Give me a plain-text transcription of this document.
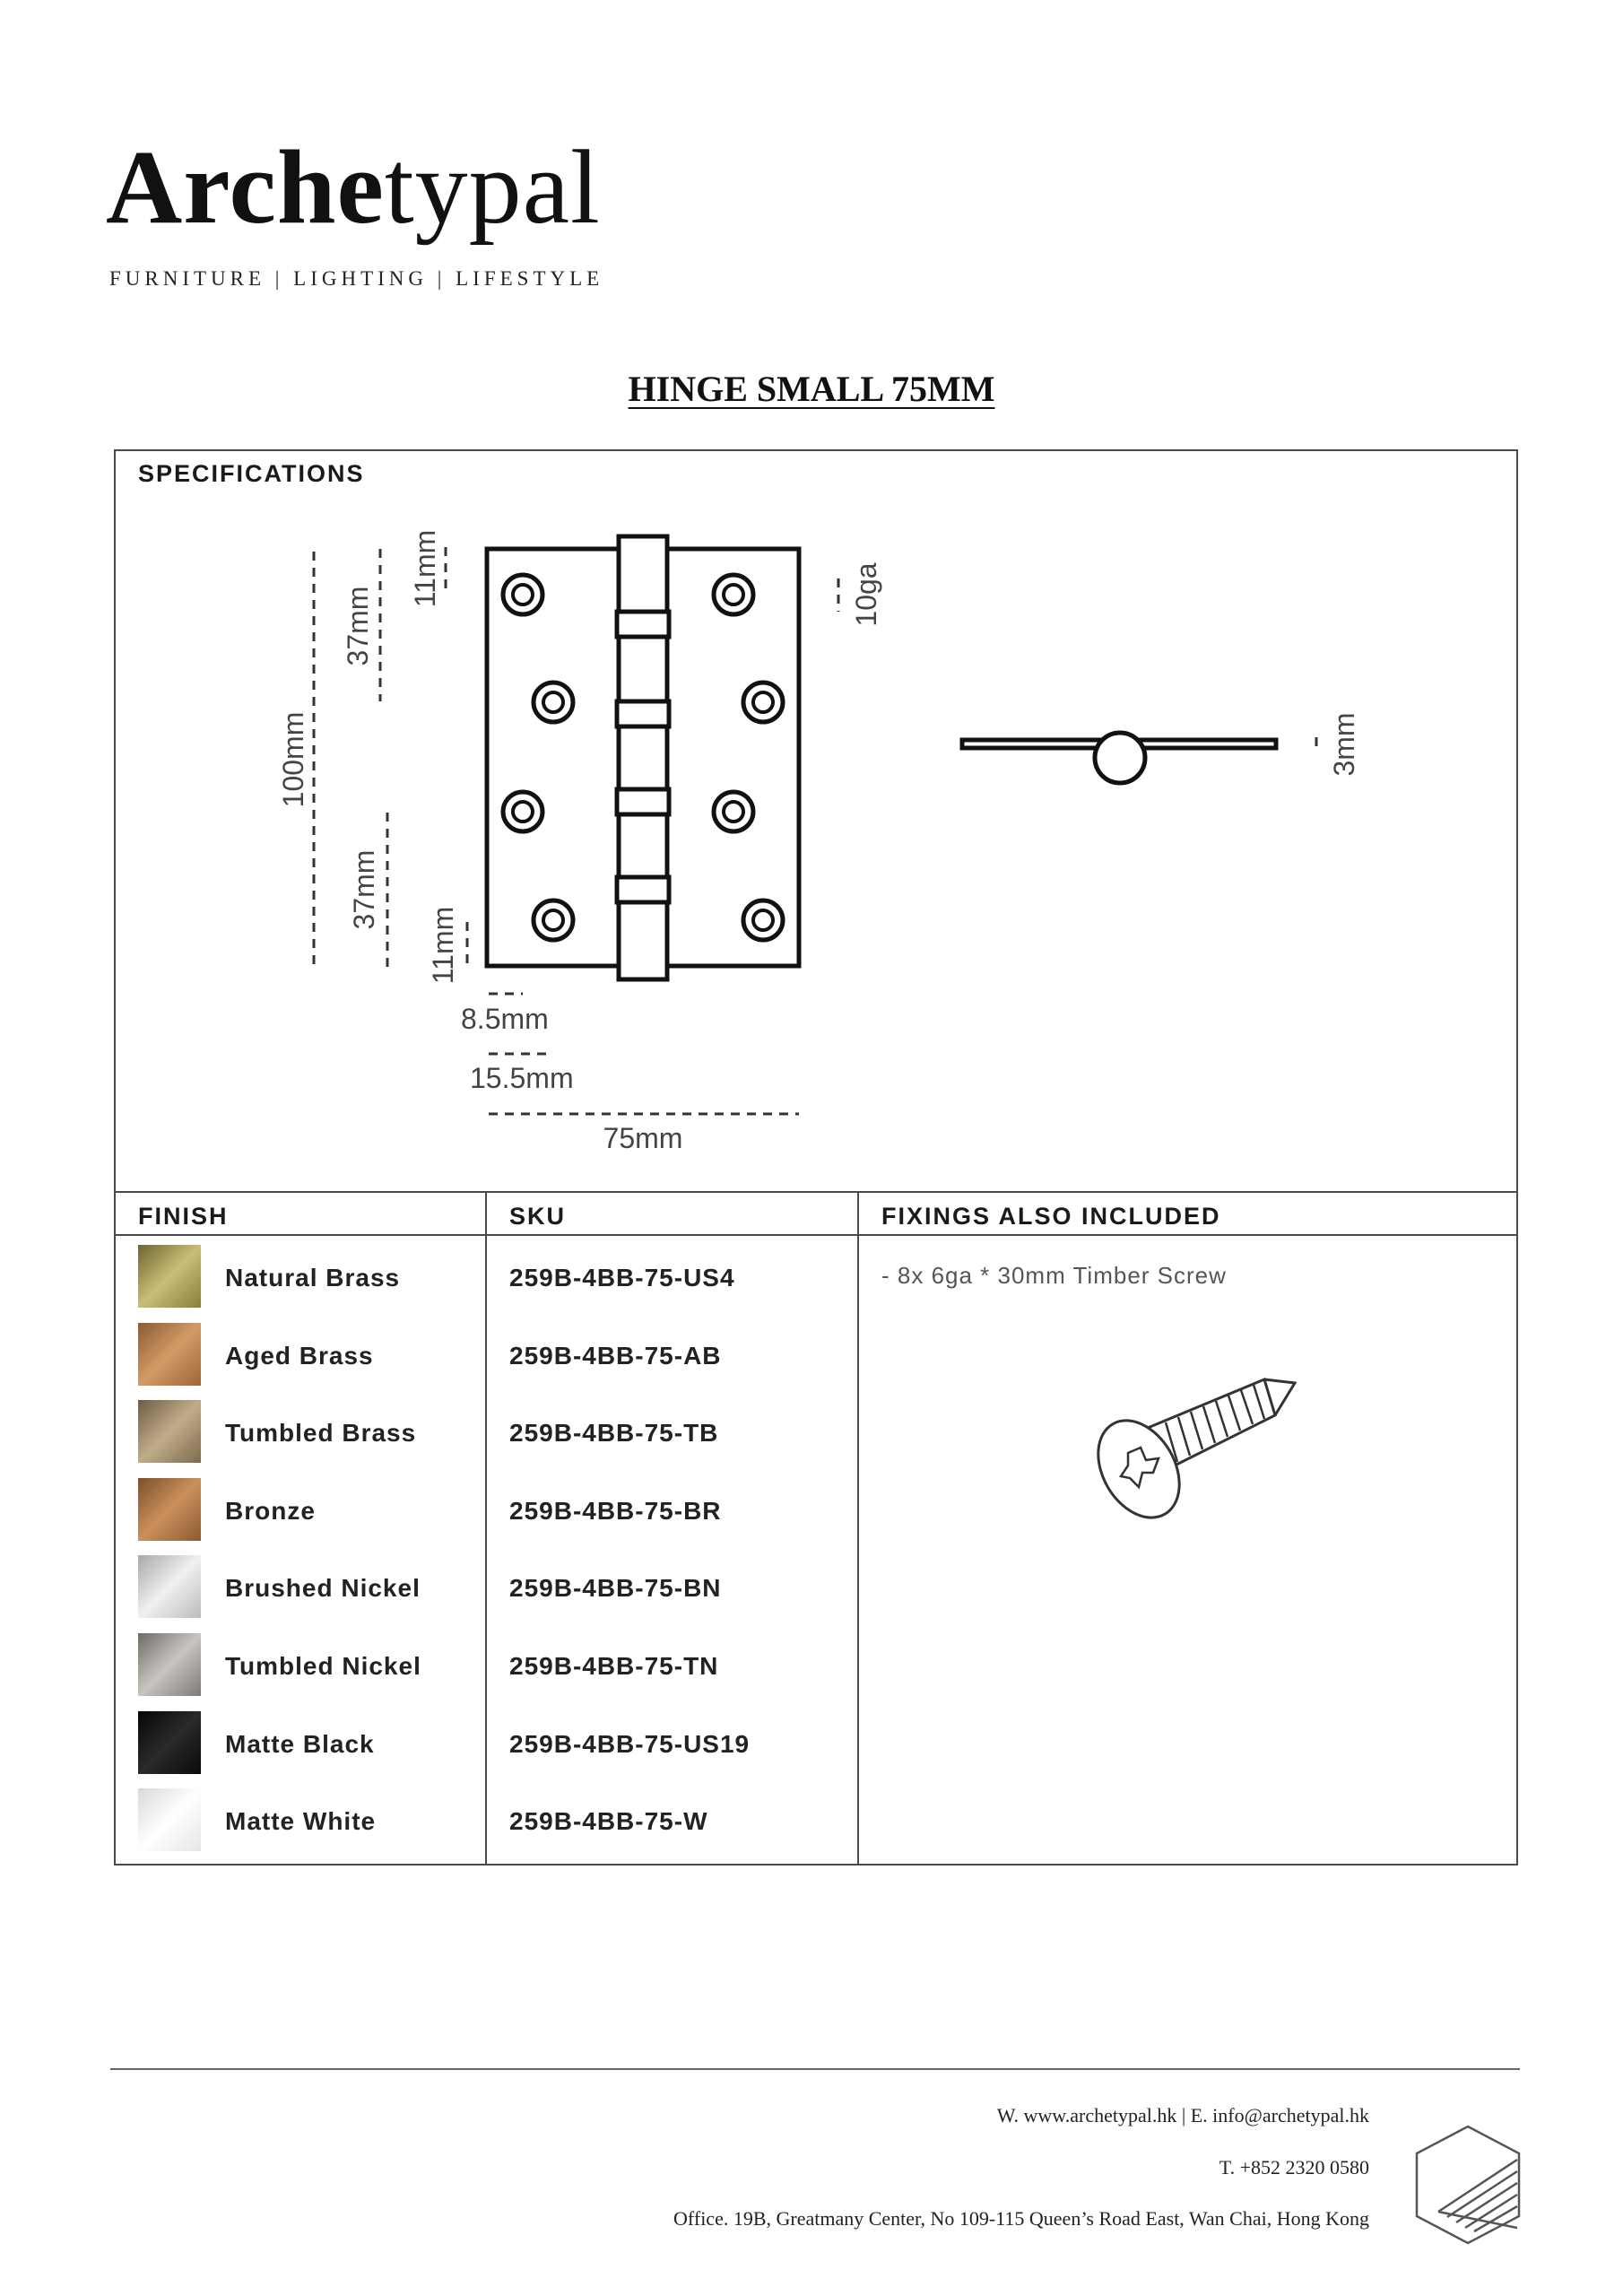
Archetypal
FURNITURE | LIGHTING | LIFESTYLE
HINGE SMALL 75MM
SPECIFICATIONS
100mm
37mm
37mm
11mm
11mm
10ga
3mm
8.5mm
15.5mm
75mm
FINISH	SKU	FIXINGS ALSO INCLUDED
Natural Brass	259B-4BB-75-US4
Aged Brass	259B-4BB-75-AB
Tumbled Brass	259B-4BB-75-TB
Bronze	259B-4BB-75-BR
Brushed Nickel	259B-4BB-75-BN
Tumbled Nickel	259B-4BB-75-TN
Matte Black	259B-4BB-75-US19
Matte White	259B-4BB-75-W
- 8x 6ga * 30mm Timber Screw
W. www.archetypal.hk | E. info@archetypal.hk
T. +852 2320 0580
Office. 19B, Greatmany Center, No 109-115 Queen’s Road East, Wan Chai, Hong Kong
